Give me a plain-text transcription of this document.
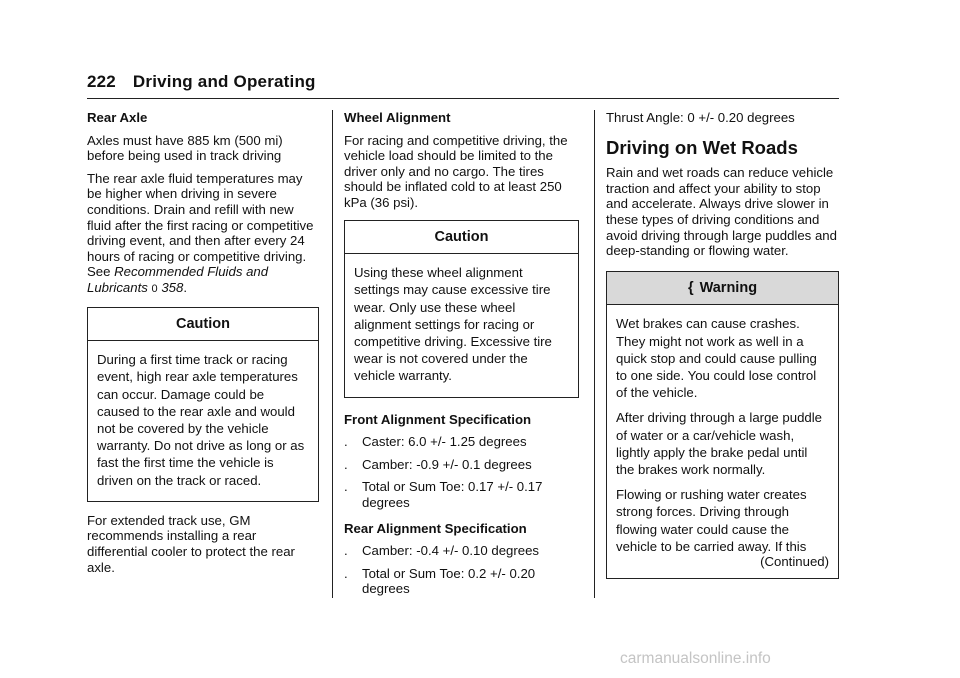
222 Driving and Operating
Rear Axle

Axles must have 885 km (500 mi) before being used in track driving

The rear axle fluid temperatures may be higher when driving in severe conditions. Drain and refill with new fluid after the first racing or competitive driving event, and then after every 24 hours of racing or competitive driving. See Recommended Fluids and Lubricants 0 358.

Caution

During a first time track or racing event, high rear axle temperatures can occur. Damage could be caused to the rear axle and would not be covered by the vehicle warranty. Do not drive as long or as fast the first time the vehicle is driven on the track or raced.

For extended track use, GM recommends installing a rear differential cooler to protect the rear axle.

Wheel Alignment

For racing and competitive driving, the vehicle load should be limited to the driver only and no cargo. The tires should be inflated cold to at least 250 kPa (36 psi).

Caution

Using these wheel alignment settings may cause excessive tire wear. Only use these wheel alignment settings for racing or competitive driving. Excessive tire wear is not covered under the vehicle warranty.

Front Alignment Specification
.	Caster: 6.0 +/- 1.25 degrees
.	Camber: -0.9 +/- 0.1 degrees
.	Total or Sum Toe: 0.17 +/- 0.17 degrees
Rear Alignment Specification
.	Camber: -0.4 +/- 0.10 degrees
.	Total or Sum Toe: 0.2 +/- 0.20 degrees

Thrust Angle: 0 +/- 0.20 degrees

Driving on Wet Roads

Rain and wet roads can reduce vehicle traction and affect your ability to stop and accelerate. Always drive slower in these types of driving conditions and avoid driving through large puddles and deep-standing or flowing water.

{ Warning

Wet brakes can cause crashes. They might not work as well in a quick stop and could cause pulling to one side. You could lose control of the vehicle.

After driving through a large puddle of water or a car/vehicle wash, lightly apply the brake pedal until the brakes work normally.

Flowing or rushing water creates strong forces. Driving through flowing water could cause the vehicle to be carried away. If this

(Continued)
carmanualsonline.info
